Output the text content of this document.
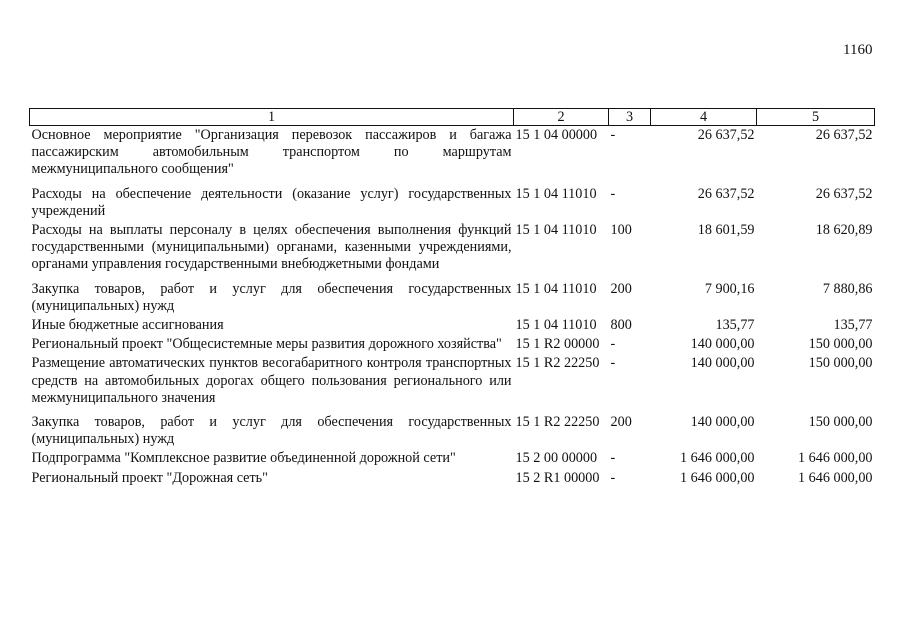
1160
1	2	3	4	5
Основное мероприятие "Организация перевозок пассажиров и багажа пассажирским автомобильным транспортом по маршрутам межмуниципального сообщения"	15 1 04 00000	-	26 637,52	26 637,52
Расходы на обеспечение деятельности (оказание услуг) государственных учреждений	15 1 04 11010	-	26 637,52	26 637,52
Расходы на выплаты персоналу в целях обеспечения выполнения функций государственными (муниципальными) органами, казенными учреждениями, органами управления государственными внебюджетными фондами	15 1 04 11010	100	18 601,59	18 620,89
Закупка товаров, работ и услуг для обеспечения государственных (муниципальных) нужд	15 1 04 11010	200	7 900,16	7 880,86
Иные бюджетные ассигнования	15 1 04 11010	800	135,77	135,77
Региональный проект "Общесистемные меры развития дорожного хозяйства"	15 1 R2 00000	-	140 000,00	150 000,00
Размещение автоматических пунктов весогабаритного контроля транспортных средств на автомобильных дорогах общего пользования регионального или межмуниципального значения	15 1 R2 22250	-	140 000,00	150 000,00
Закупка товаров, работ и услуг для обеспечения государственных (муниципальных) нужд	15 1 R2 22250	200	140 000,00	150 000,00
Подпрограмма "Комплексное развитие объединенной дорожной сети"	15 2 00 00000	-	1 646 000,00	1 646 000,00
Региональный проект "Дорожная сеть"	15 2 R1 00000	-	1 646 000,00	1 646 000,00
